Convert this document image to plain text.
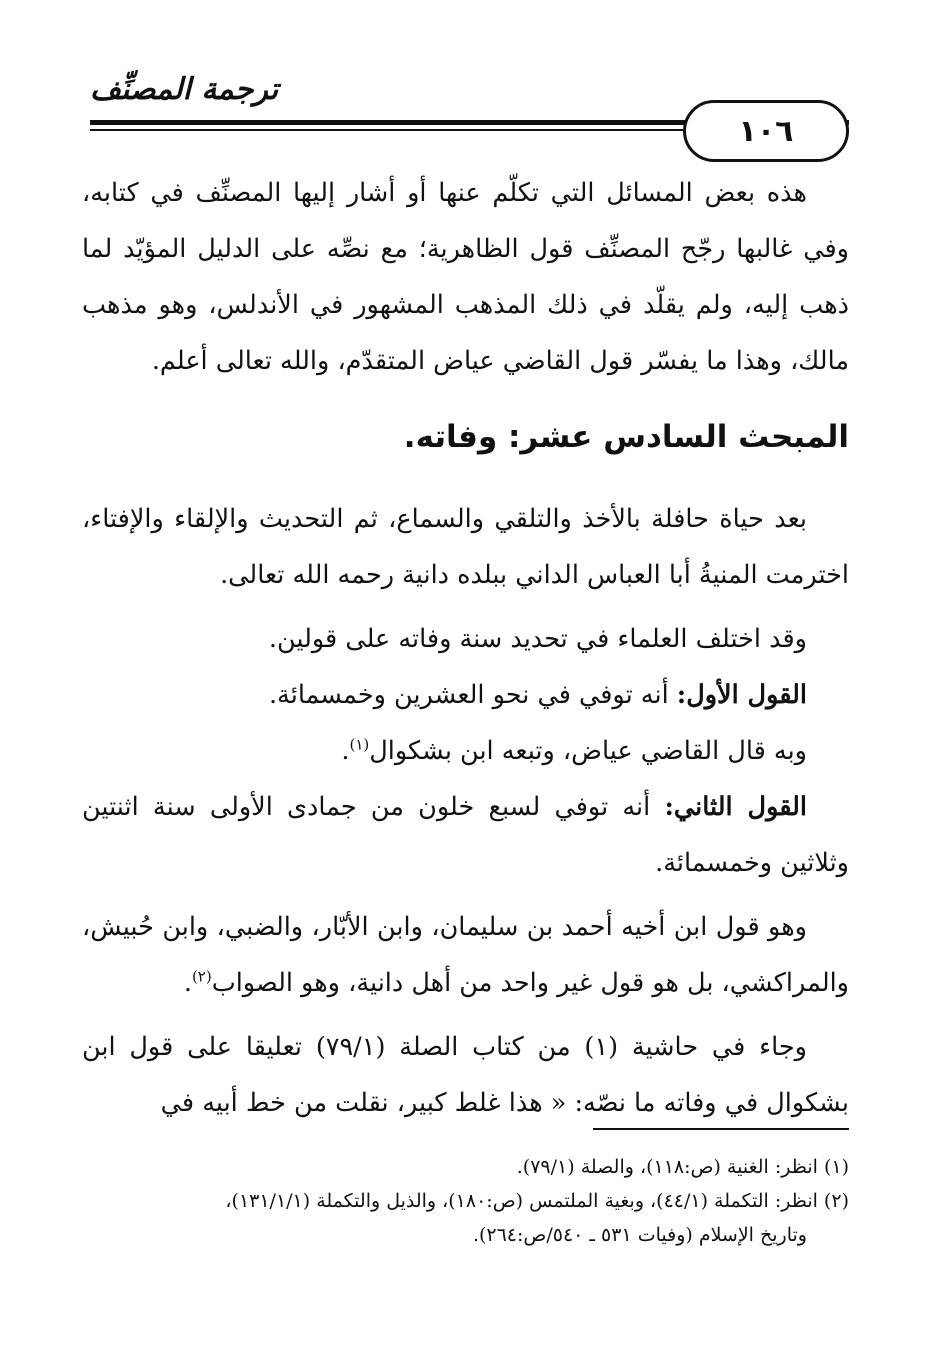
ترجمة المصنِّف
١٠٦

هذه بعض المسائل التي تكلّم عنها أو أشار إليها المصنِّف في كتابه، وفي غالبها رجّح المصنِّف قول الظاهرية؛ مع نصِّه على الدليل المؤيّد لما ذهب إليه، ولم يقلّد في ذلك المذهب المشهور في الأندلس، وهو مذهب مالك، وهذا ما يفسّر قول القاضي عياض المتقدّم، والله تعالى أعلم.

المبحث السادس عشر: وفاته.

بعد حياة حافلة بالأخذ والتلقي والسماع، ثم التحديث والإلقاء والإفتاء، اخترمت المنيةُ أبا العباس الداني ببلده دانية رحمه الله تعالى.

وقد اختلف العلماء في تحديد سنة وفاته على قولين.

القول الأول: أنه توفي في نحو العشرين وخمسمائة.

وبه قال القاضي عياض، وتبعه ابن بشكوال$^{(١)}$.

القول الثاني: أنه توفي لسبع خلون من جمادى الأولى سنة اثنتين وثلاثين وخمسمائة.

وهو قول ابن أخيه أحمد بن سليمان، وابن الأبّار، والضبي، وابن حُبيش، والمراكشي، بل هو قول غير واحد من أهل دانية، وهو الصواب$^{(٢)}$.

وجاء في حاشية (١) من كتاب الصلة (٧٩/١) تعليقا على قول ابن بشكوال في وفاته ما نصّه: « هذا غلط كبير، نقلت من خط أبيه في

(١) انظر: الغنية (ص:١١٨)، والصلة (٧٩/١).

(٢) انظر: التكملة (٤٤/١)، وبغية الملتمس (ص:١٨٠)، والذيل والتكملة (١٣١/١/١)،

وتاريخ الإسلام (وفيات ٥٣١ ـ ٥٤٠/ص:٢٦٤).
